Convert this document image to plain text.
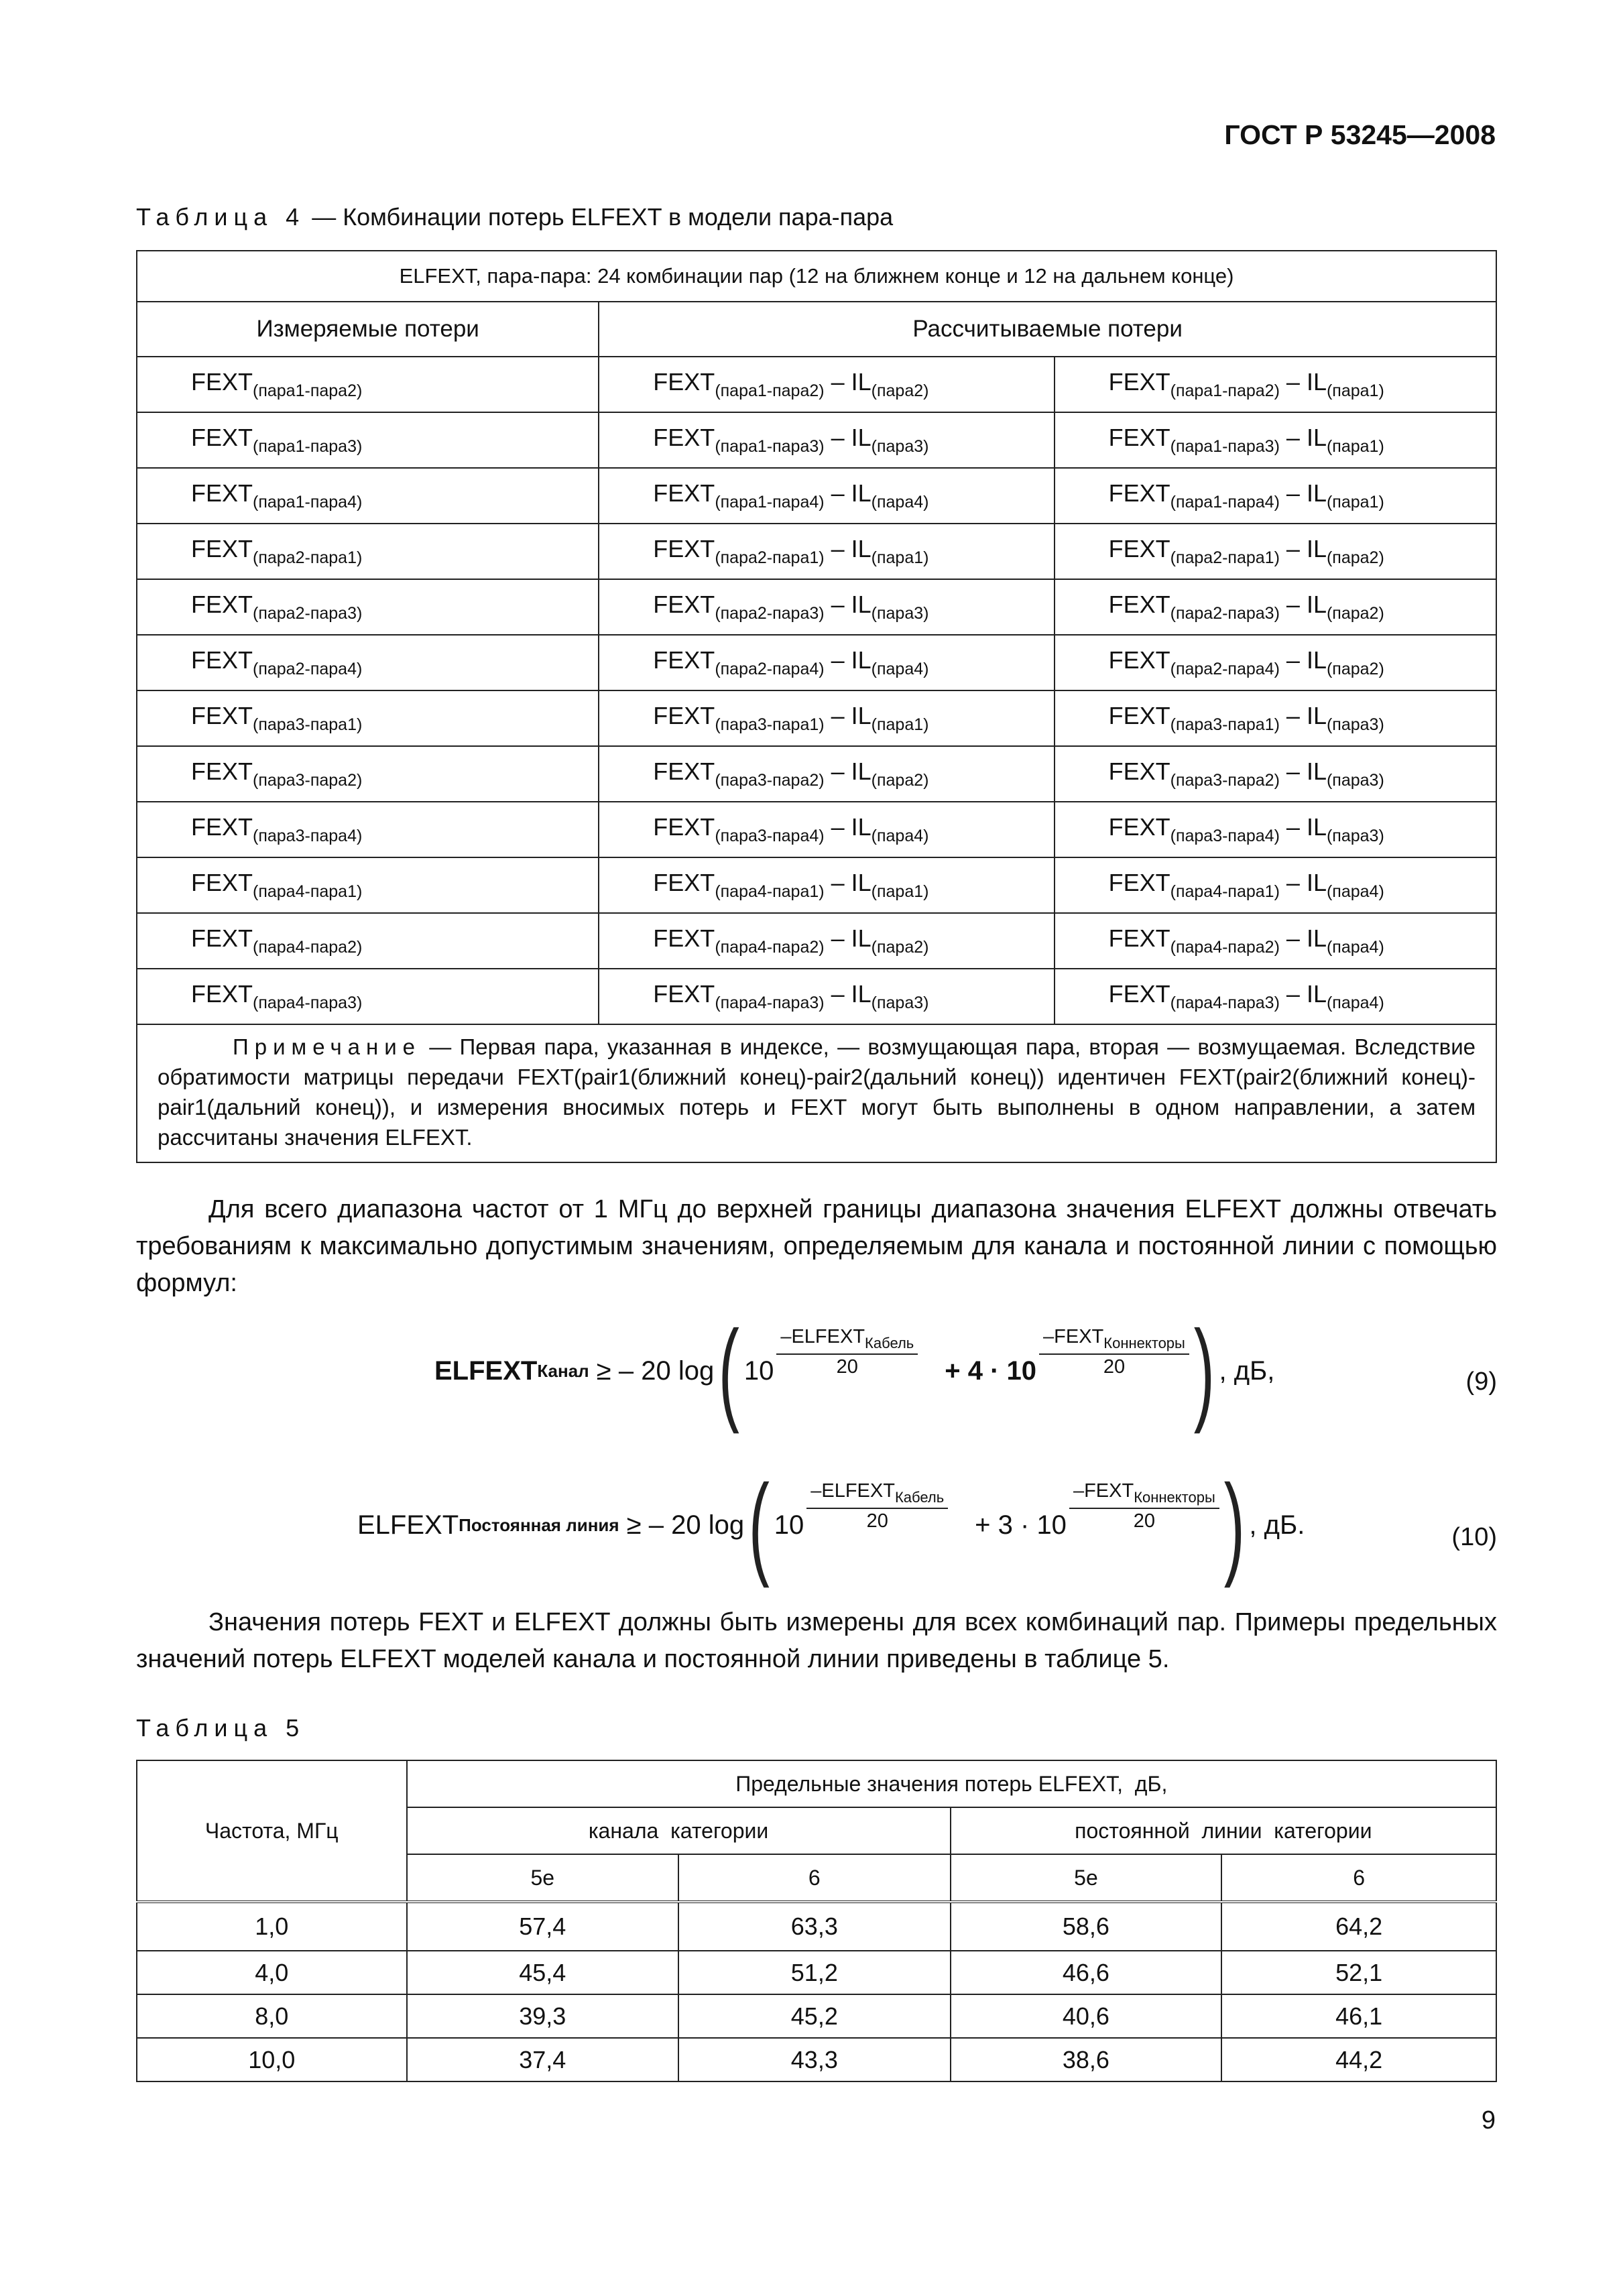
ГОСТ Р 53245—2008
Таблица 4 — Комбинации потерь ELFEXT в модели пара-пара
ELFEXT, пара-пара: 24 комбинации пар (12 на ближнем конце и 12 на дальнем конце)		
Измеряемые потери	Рассчитываемые потери	
$FEXT_{(пара1-пара2)}$	$FEXT_{(пара1-пара2)} - IL_{(пара2)}$	$FEXT_{(пара1-пара2)} - IL_{(пара1)}$
$FEXT_{(пара1-пара3)}$	$FEXT_{(пара1-пара3)} - IL_{(пара3)}$	$FEXT_{(пара1-пара3)} - IL_{(пара1)}$
$FEXT_{(пара1-пара4)}$	$FEXT_{(пара1-пара4)} - IL_{(пара4)}$	$FEXT_{(пара1-пара4)} - IL_{(пара1)}$
$FEXT_{(пара2-пара1)}$	$FEXT_{(пара2-пара1)} - IL_{(пара1)}$	$FEXT_{(пара2-пара1)} - IL_{(пара2)}$
$FEXT_{(пара2-пара3)}$	$FEXT_{(пара2-пара3)} - IL_{(пара3)}$	$FEXT_{(пара2-пара3)} - IL_{(пара2)}$
$FEXT_{(пара2-пара4)}$	$FEXT_{(пара2-пара4)} - IL_{(пара4)}$	$FEXT_{(пара2-пара4)} - IL_{(пара2)}$
$FEXT_{(пара3-пара1)}$	$FEXT_{(пара3-пара1)} - IL_{(пара1)}$	$FEXT_{(пара3-пара1)} - IL_{(пара3)}$
$FEXT_{(пара3-пара2)}$	$FEXT_{(пара3-пара2)} - IL_{(пара2)}$	$FEXT_{(пара3-пара2)} - IL_{(пара3)}$
$FEXT_{(пара3-пара4)}$	$FEXT_{(пара3-пара4)} - IL_{(пара4)}$	$FEXT_{(пара3-пара4)} - IL_{(пара3)}$
$FEXT_{(пара4-пара1)}$	$FEXT_{(пара4-пара1)} - IL_{(пара1)}$	$FEXT_{(пара4-пара1)} - IL_{(пара4)}$
$FEXT_{(пара4-пара2)}$	$FEXT_{(пара4-пара2)} - IL_{(пара2)}$	$FEXT_{(пара4-пара2)} - IL_{(пара4)}$
$FEXT_{(пара4-пара3)}$	$FEXT_{(пара4-пара3)} - IL_{(пара3)}$	$FEXT_{(пара4-пара3)} - IL_{(пара4)}$
Примечание — Первая пара, указанная в индексе, — возмущающая пара, вторая — возмущаемая. Вследствие обратимости матрицы передачи FEXT(pair1(ближний конец)-pair2(дальний конец)) идентичен FEXT(pair2(ближний конец)-pair1(дальний конец)), и измерения вносимых потерь и FEXT могут быть выполнены в одном направлении, а затем рассчитаны значения ELFEXT.		
Для всего диапазона частот от 1 МГц до верхней границы диапазона значения ELFEXT должны отвечать требованиям к максимально допустимым значениям, определяемым для канала и постоянной линии с помощью формул:
ELFEXT Канал ≥ – 20 log ( $10 \frac{-ELFEXT_{Кабель}}{20} + 4 \cdot 10 \frac{-FEXT_{Коннекторы}}{20}$ ) , дБ,	(9)
ELFEXT Постоянная линия ≥ – 20 log ( $10 \frac{-ELFEXT_{Кабель}}{20} + 3 \cdot 10 \frac{-FEXT_{Коннекторы}}{20}$ ) , дБ.	(10)
Значения потерь FEXT и ELFEXT должны быть измерены для всех комбинаций пар. Примеры предельных значений потерь ELFEXT моделей канала и постоянной линии приведены в таблице 5.
Таблица 5
Частота, МГц	Предельные значения потерь ELFEXT,  дБ,			
	канала  категории		постоянной  линии  категории	
	5e	6	5e	6
1,0	57,4	63,3	58,6	64,2
4,0	45,4	51,2	46,6	52,1
8,0	39,3	45,2	40,6	46,1
10,0	37,4	43,3	38,6	44,2
9
